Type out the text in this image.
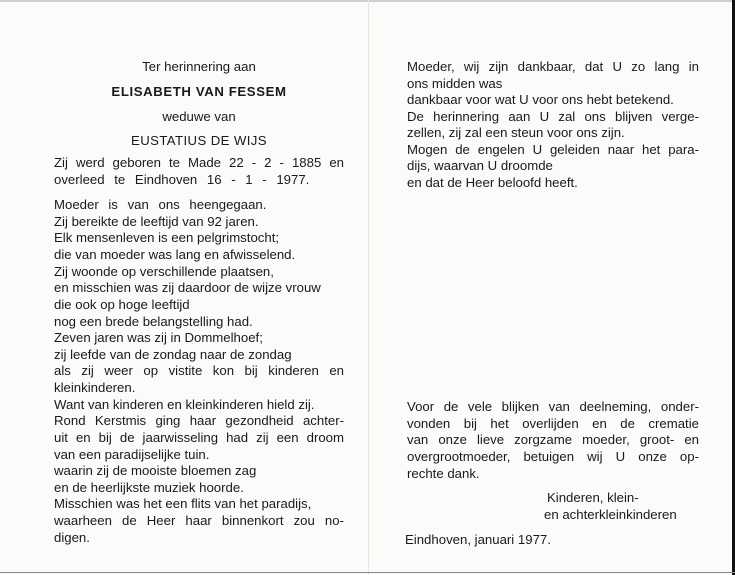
Ter herinnering aan
ELISABETH VAN FESSEM
weduwe van
EUSTATIUS DE WIJS
Zij werd geboren te Made 22 - 2 - 1885 en
overleed te Eindhoven 16 - 1 - 1977.
Moeder is van ons heengegaan.
Zij bereikte de leeftijd van 92 jaren.
Elk mensenleven is een pelgrimstocht;
die van moeder was lang en afwisselend.
Zij woonde op verschillende plaatsen,
en misschien was zij daardoor de wijze vrouw
die ook op hoge leeftijd
nog een brede belangstelling had.
Zeven jaren was zij in Dommelhoef;
zij leefde van de zondag naar de zondag
als zij weer op vistite kon bij kinderen en
kleinkinderen.
Want van kinderen en kleinkinderen hield zij.
Rond Kerstmis ging haar gezondheid achter-
uit en bij de jaarwisseling had zij een droom
van een paradijselijke tuin.
waarin zij de mooiste bloemen zag
en de heerlijkste muziek hoorde.
Misschien was het een flits van het paradijs,
waarheen de Heer haar binnenkort zou no-
digen.
Moeder, wij zijn dankbaar, dat U zo lang in
ons midden was
dankbaar voor wat U voor ons hebt betekend.
De herinnering aan U zal ons blijven verge-
zellen, zij zal een steun voor ons zijn.
Mogen de engelen U geleiden naar het para-
dijs, waarvan U droomde
en dat de Heer beloofd heeft.
Voor de vele blijken van deelneming, onder-
vonden bij het overlijden en de crematie
van onze lieve zorgzame moeder, groot- en
overgrootmoeder, betuigen wij U onze op-
rechte dank.
Kinderen, klein-
en achterkleinkinderen
Eindhoven, januari 1977.
